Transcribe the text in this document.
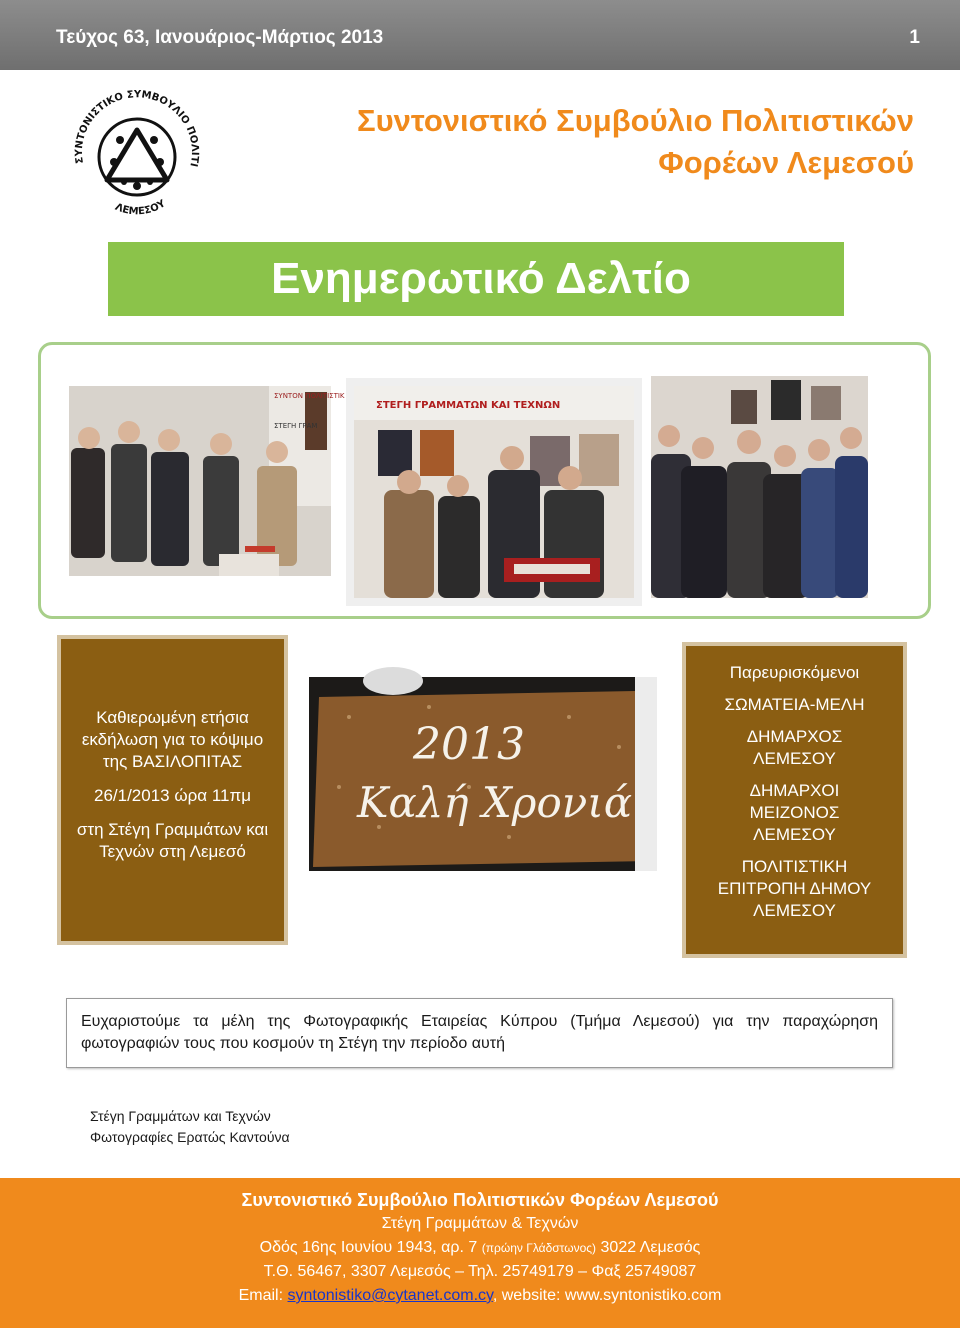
Τεύχος 63, Ιανουάριος-Μάρτιος 2013	1
ΣΥΝΤΟΝΙΣΤΙΚΟ ΣΥΜΒΟΥΛΙΟ ΠΟΛΙΤΙ
ΛΕΜΕΣΟΥ
Συντονιστικό Συμβούλιο Πολιτιστικών
Φορέων Λεμεσού
Ενημερωτικό Δελτίο
ΣΥΝΤΟΝ ΠΟΛΙΤΙΣΤΙΚ
ΣΤΕΓΗ ΓΡΑΜ
ΣΤΕΓΗ ΓΡΑΜΜΑΤΩΝ ΚΑΙ ΤΕΧΝΩΝ

Καθιερωμένη ετήσια εκδήλωση για το κόψιμο της ΒΑΣΙΛΟΠΙΤΑΣ

26/1/2013 ώρα 11πμ

στη Στέγη Γραμμάτων και Τεχνών στη Λεμεσό

2013
Καλή Χρονιά

Παρευρισκόμενοι

ΣΩΜΑΤΕΙΑ-ΜΕΛΗ

ΔΗΜΑΡΧΟΣ ΛΕΜΕΣΟΥ

ΔΗΜΑΡΧΟΙ ΜΕΙΖΟΝΟΣ ΛΕΜΕΣΟΥ

ΠΟΛΙΤΙΣΤΙΚΗ ΕΠΙΤΡΟΠΗ ΔΗΜΟΥ ΛΕΜΕΣΟΥ

Ευχαριστούμε τα μέλη της Φωτογραφικής Εταιρείας Κύπρου (Τμήμα Λεμεσού) για την παραχώρηση φωτογραφιών τους που κοσμούν τη Στέγη την περίοδο αυτή
Στέγη Γραμμάτων και Τεχνών
Φωτογραφίες Ερατώς Καντούνα
Συντονιστικό Συμβούλιο Πολιτιστικών Φορέων Λεμεσού
Στέγη Γραμμάτων & Τεχνών
Οδός 16ης Ιουνίου 1943, αρ. 7 (πρώην Γλάδστωνος) 3022 Λεμεσός
Τ.Θ. 56467, 3307 Λεμεσός – Τηλ. 25749179 – Φαξ 25749087
Email: syntonistiko@cytanet.com.cy, website: www.syntonistiko.com
